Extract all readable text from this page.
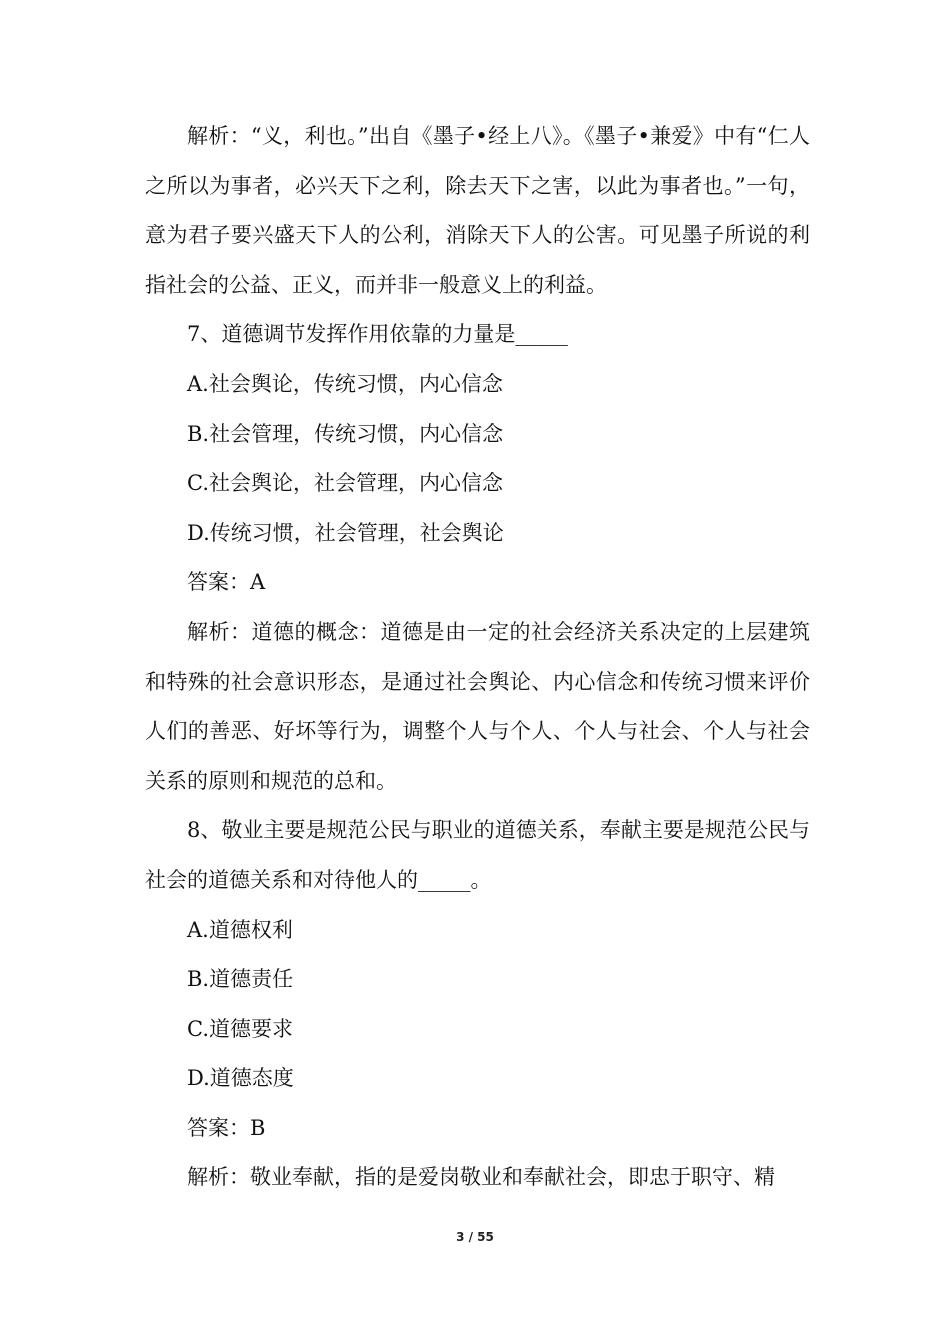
解析：“义，利也。”出自《墨子•经上八》。《墨子•兼爱》中有“仁人之所以为事者，必兴天下之利，除去天下之害，以此为事者也。”一句，意为君子要兴盛天下人的公利，消除天下人的公害。可见墨子所说的利指社会的公益、正义，而并非一般意义上的利益。

7、道德调节发挥作用依靠的力量是_____

A.社会舆论，传统习惯，内心信念

B.社会管理，传统习惯，内心信念

C.社会舆论，社会管理，内心信念

D.传统习惯，社会管理，社会舆论

答案：A

解析：道德的概念：道德是由一定的社会经济关系决定的上层建筑和特殊的社会意识形态，是通过社会舆论、内心信念和传统习惯来评价人们的善恶、好坏等行为，调整个人与个人、个人与社会、个人与社会关系的原则和规范的总和。

8、敬业主要是规范公民与职业的道德关系，奉献主要是规范公民与社会的道德关系和对待他人的_____。

A.道德权利

B.道德责任

C.道德要求

D.道德态度

答案：B

解析：敬业奉献，指的是爱岗敬业和奉献社会，即忠于职守、精

3 / 55
